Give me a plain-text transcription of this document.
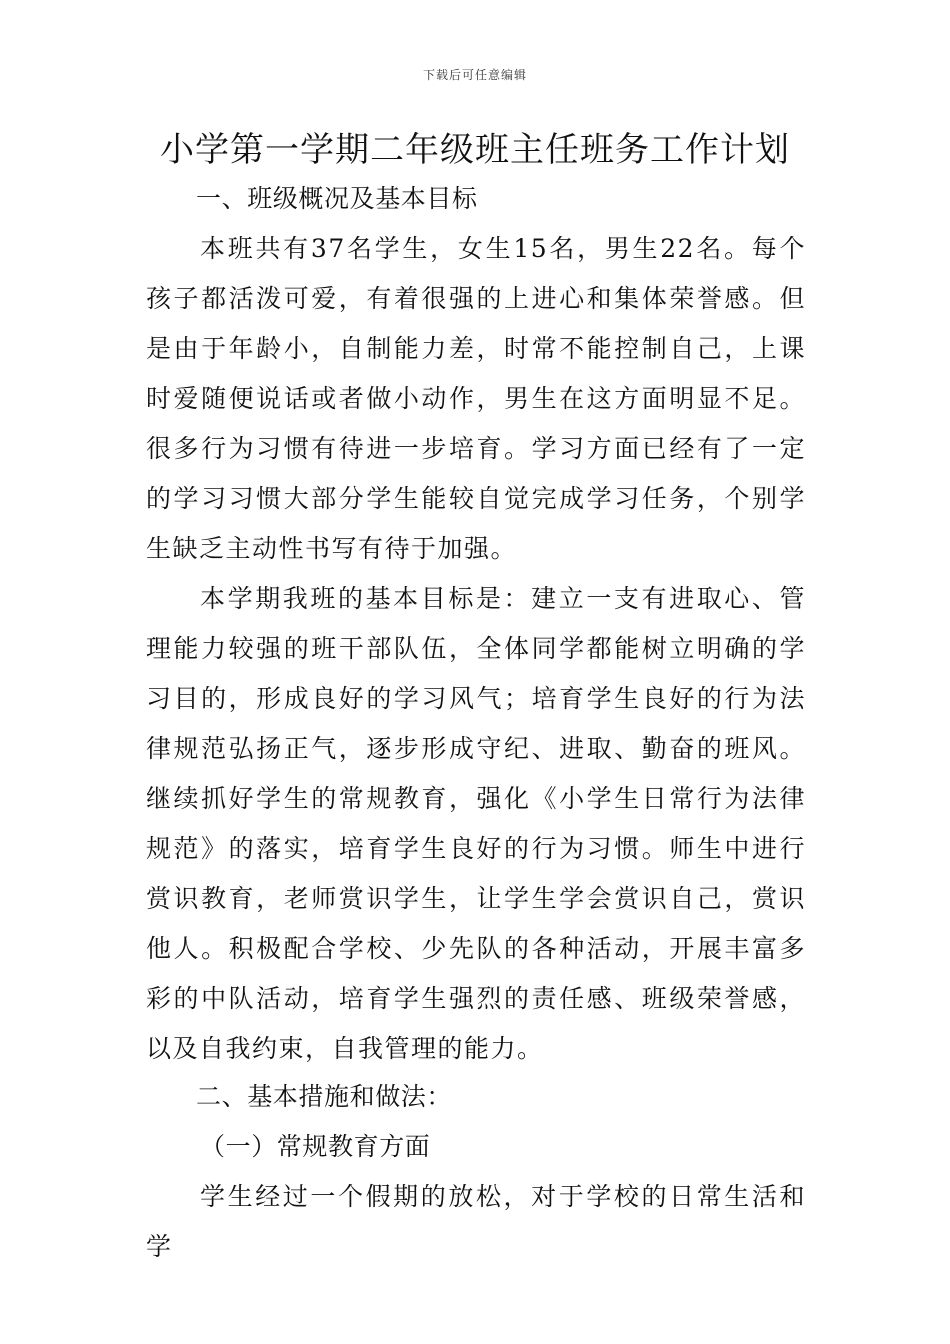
下载后可任意编辑
小学第一学期二年级班主任班务工作计划
一、班级概况及基本目标

本班共有37名学生，女生15名，男生22名。每个孩子都活泼可爱，有着很强的上进心和集体荣誉感。但是由于年龄小，自制能力差，时常不能控制自己，上课时爱随便说话或者做小动作，男生在这方面明显不足。很多行为习惯有待进一步培育。学习方面已经有了一定的学习习惯大部分学生能较自觉完成学习任务，个别学生缺乏主动性书写有待于加强。

本学期我班的基本目标是：建立一支有进取心、管理能力较强的班干部队伍，全体同学都能树立明确的学习目的，形成良好的学习风气；培育学生良好的行为法律规范弘扬正气，逐步形成守纪、进取、勤奋的班风。继续抓好学生的常规教育，强化《小学生日常行为法律规范》的落实，培育学生良好的行为习惯。师生中进行赏识教育，老师赏识学生，让学生学会赏识自己，赏识他人。积极配合学校、少先队的各种活动，开展丰富多彩的中队活动，培育学生强烈的责任感、班级荣誉感，以及自我约束，自我管理的能力。

二、基本措施和做法：
（一）常规教育方面

学生经过一个假期的放松，对于学校的日常生活和学
